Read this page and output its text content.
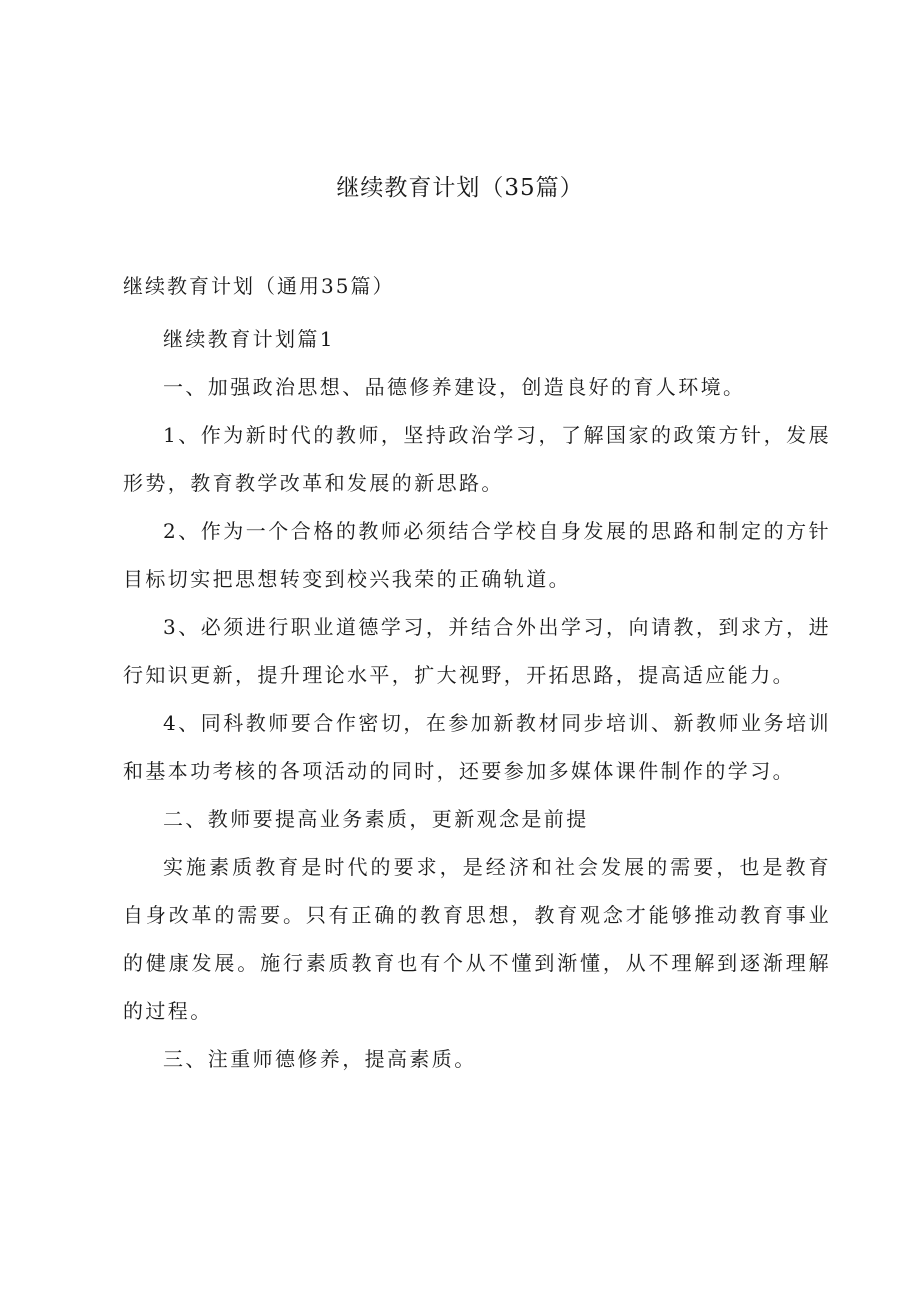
继续教育计划（35篇）
继续教育计划（通用35篇）

继续教育计划篇1

一、加强政治思想、品德修养建设，创造良好的育人环境。

1、作为新时代的教师，坚持政治学习，了解国家的政策方针，发展形势，教育教学改革和发展的新思路。

2、作为一个合格的教师必须结合学校自身发展的思路和制定的方针目标切实把思想转变到校兴我荣的正确轨道。

3、必须进行职业道德学习，并结合外出学习，向请教，到求方，进行知识更新，提升理论水平，扩大视野，开拓思路，提高适应能力。

4、同科教师要合作密切，在参加新教材同步培训、新教师业务培训和基本功考核的各项活动的同时，还要参加多媒体课件制作的学习。

二、教师要提高业务素质，更新观念是前提

实施素质教育是时代的要求，是经济和社会发展的需要，也是教育自身改革的需要。只有正确的教育思想，教育观念才能够推动教育事业的健康发展。施行素质教育也有个从不懂到渐懂，从不理解到逐渐理解的过程。

三、注重师德修养，提高素质。
